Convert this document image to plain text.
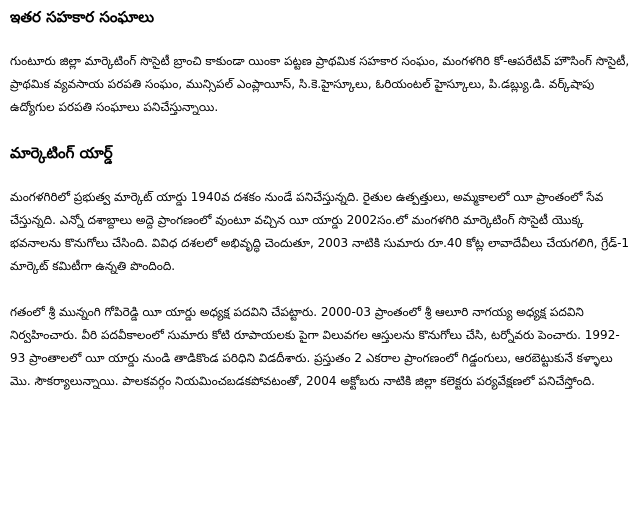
ఇతర సహకార సంఘాలు

గుంటూరు జిల్లా మార్కెటింగ్ సొసైటీ బ్రాంచి కాకుండా యింకా పట్టణ ప్రాథమిక సహకార సంఘం, మంగళగిరి కో-ఆపరేటివ్ హౌసింగ్ సొసైటీ, ప్రాథమిక వ్యవసాయ పరపతి సంఘం, మున్సిపల్ ఎంప్లాయీస్, సి.కె.హైస్కూలు, ఓరియంటల్ హైస్కూలు, పి.డబ్ల్యు.డి. వర్క్‌షాపు ఉద్యోగుల పరపతి సంఘాలు పనిచేస్తున్నాయి.

మార్కెటింగ్ యార్డ్

మంగళగిరిలో ప్రభుత్వ మార్కెట్ యార్డు 1940వ దశకం నుండే పనిచేస్తున్నది. రైతుల ఉత్పత్తులు, అమ్మకాలలో యీ ప్రాంతంలో సేవ చేస్తున్నది. ఎన్నో దశాబ్దాలు అద్దె ప్రాంగణంలో వుంటూ వచ్చిన యీ యార్డు 2002సం.లో మంగళగిరి మార్కెటింగ్ సొసైటీ యొక్క భవనాలను కొనుగోలు చేసింది. వివిధ దశలలో అభివృద్ధి చెందుతూ, 2003 నాటికి సుమారు రూ.40 కోట్ల లావాదేవీలు చేయగలిగి, గ్రేడ్-1 మార్కెట్ కమిటీగా ఉన్నతి పొందింది.

గతంలో శ్రీ మున్నంగి గోపిరెడ్డి యీ యార్డు అధ్యక్ష పదవిని చేపట్టారు. 2000-03 ప్రాంతంలో శ్రీ ఆలూరి నాగయ్య అధ్యక్ష పదవిని నిర్వహించారు. వీరి పదవీకాలంలో సుమారు కోటి రూపాయలకు పైగా విలువగల ఆస్తులను కొనుగోలు చేసి, టర్నోవరు పెంచారు. 1992-93 ప్రాంతాలలో యీ యార్డు నుండి తాడికొండ పరిధిని విడదీశారు. ప్రస్తుతం 2 ఎకరాల ప్రాంగణంలో గిడ్డంగులు, ఆరబెట్టుకునే కళ్ళాలు మొ. సౌకర్యాలున్నాయి. పాలకవర్గం నియమించబడకపోవటంతో, 2004 అక్టోబరు నాటికి జిల్లా కలెక్టరు పర్యవేక్షణలో పనిచేస్తోంది.
